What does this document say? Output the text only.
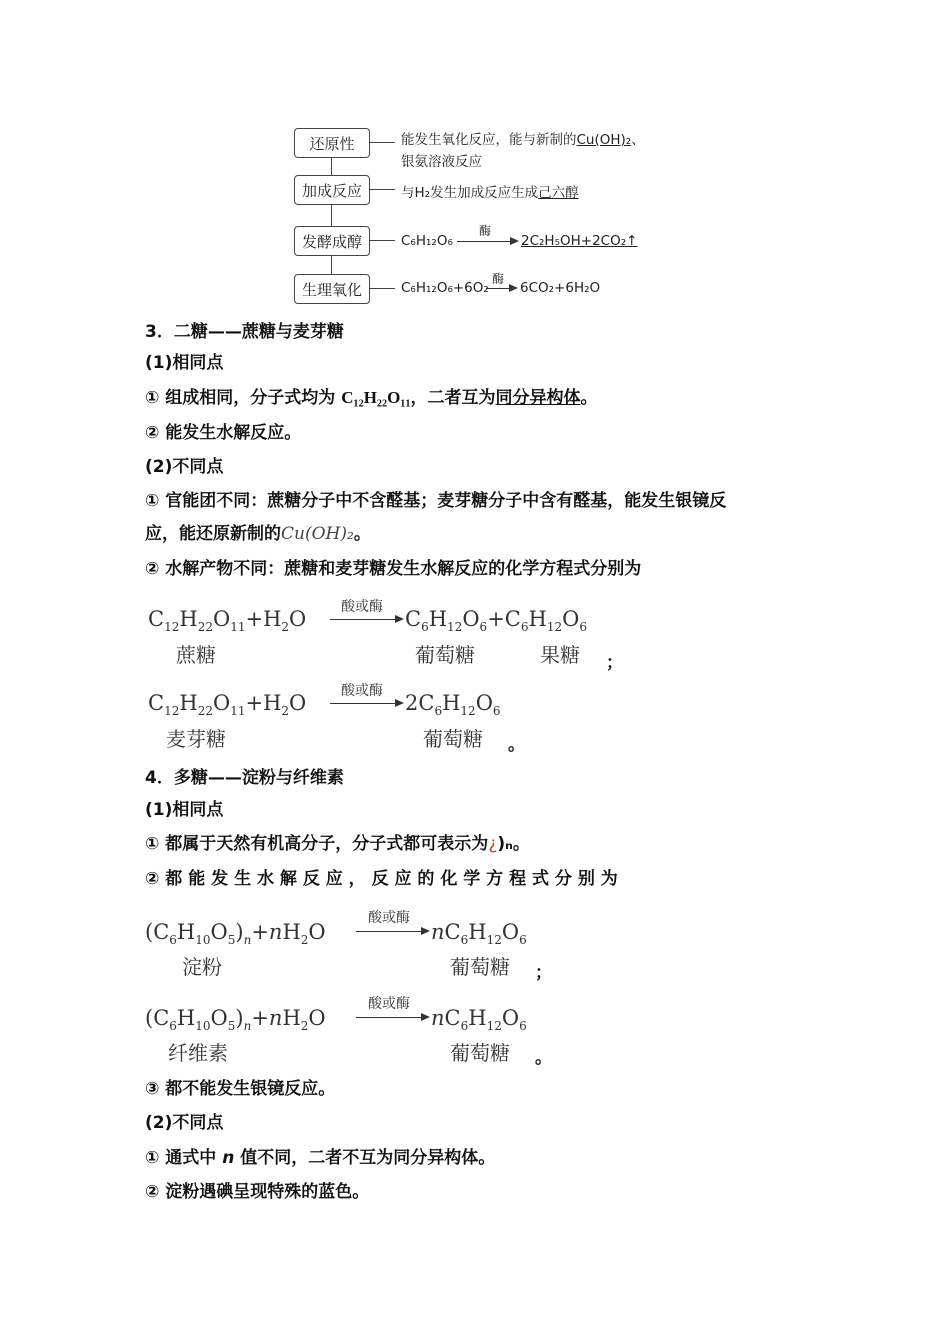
还原性
加成反应
发酵成醇
生理氧化
能发生氧化反应，能与新制的Cu(OH)₂、
银氨溶液反应
与H₂发生加成反应生成己六醇
C₆H₁₂O₆
酶
2C₂H₅OH+2CO₂↑
C₆H₁₂O₆+6O₂
酶
6CO₂+6H₂O
3．二糖——蔗糖与麦芽糖
(1)相同点
① 组成相同，分子式均为 C₁₂H₂₂O₁₁，二者互为同分异构体。
② 能发生水解反应。
(2)不同点
① 官能团不同：蔗糖分子中不含醛基；麦芽糖分子中含有醛基，能发生银镜反
应，能还原新制的Cu(OH)₂。
② 水解产物不同：蔗糖和麦芽糖发生水解反应的化学方程式分别为
$C_{12}H_{22}O_{11}+H_2O$ 酸或酶 $C_6H_{12}O_6+C_6H_{12}O_6$
蔗糖	葡萄糖	果糖 ；
$C_{12}H_{22}O_{11}+H_2O$ 酸或酶 $2C_6H_{12}O_6$
麦芽糖	葡萄糖 。
4．多糖——淀粉与纤维素
(1)相同点
① 都属于天然有机高分子，分子式都可表示为¿)ₙ。
② 都 能 发 生 水 解 反 应 ， 反 应 的 化 学 方 程 式 分 别 为
$(C_6H_{10}O_5)_n+nH_2O$
酸或酶
$nC_6H_{12}O_6$
淀粉	葡萄糖 ；
$(C_6H_{10}O_5)_n+nH_2O$
酸或酶
$nC_6H_{12}O_6$
纤维素	葡萄糖 。
③ 都不能发生银镜反应。
(2)不同点
① 通式中 n 值不同，二者不互为同分异构体。
② 淀粉遇碘呈现特殊的蓝色。
